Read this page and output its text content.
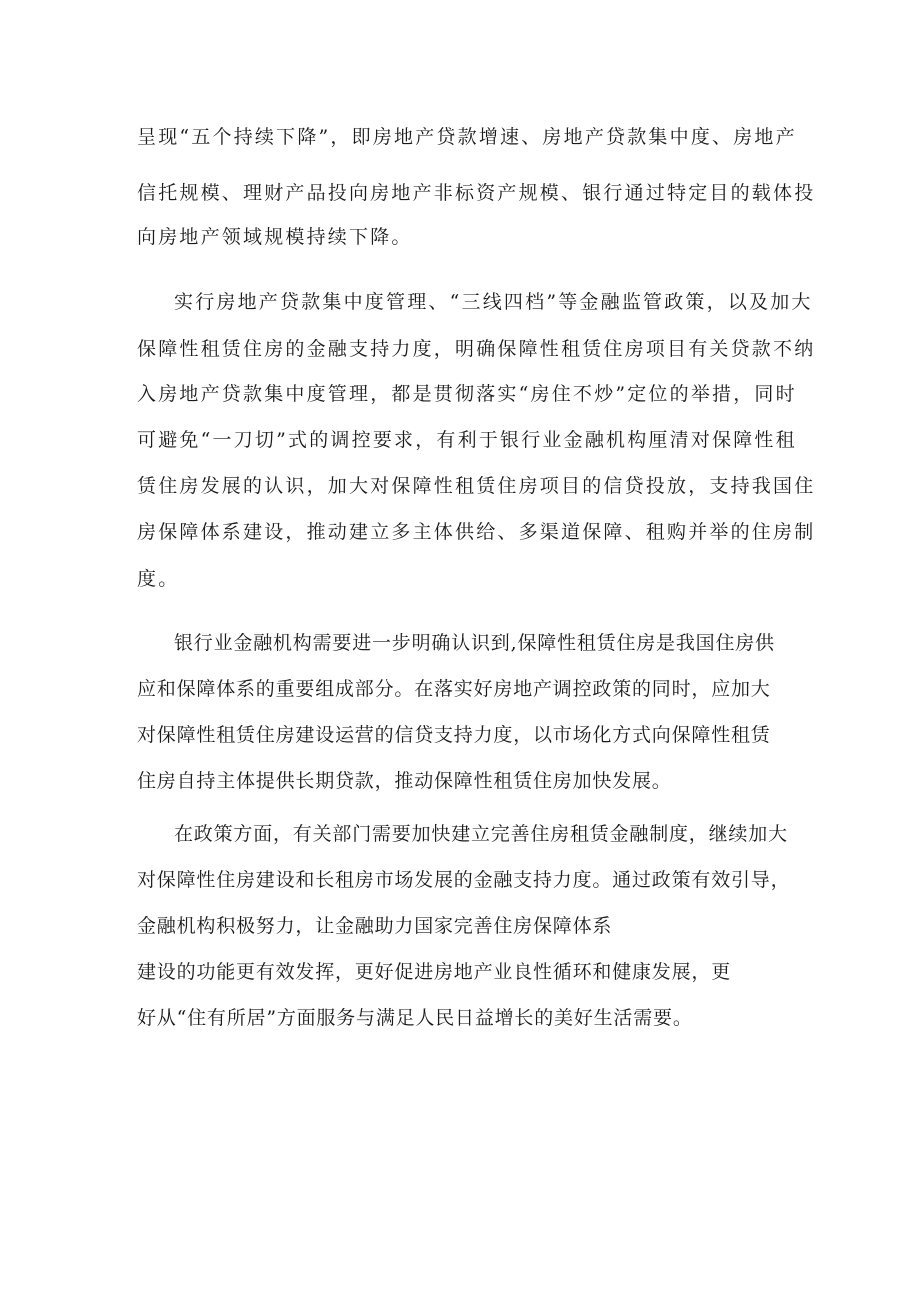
呈现“五个持续下降”，即房地产贷款增速、房地产贷款集中度、房地产
信托规模、理财产品投向房地产非标资产规模、银行通过特定目的载体投
向房地产领域规模持续下降。
实行房地产贷款集中度管理、“三线四档”等金融监管政策，以及加大
保障性租赁住房的金融支持力度，明确保障性租赁住房项目有关贷款不纳
入房地产贷款集中度管理，都是贯彻落实“房住不炒”定位的举措，同时
可避免“一刀切”式的调控要求，有利于银行业金融机构厘清对保障性租
赁住房发展的认识，加大对保障性租赁住房项目的信贷投放，支持我国住
房保障体系建设，推动建立多主体供给、多渠道保障、租购并举的住房制
度。
银行业金融机构需要进一步明确认识到,保障性租赁住房是我国住房供
应和保障体系的重要组成部分。在落实好房地产调控政策的同时，应加大
对保障性租赁住房建设运营的信贷支持力度，以市场化方式向保障性租赁
住房自持主体提供长期贷款，推动保障性租赁住房加快发展。
在政策方面，有关部门需要加快建立完善住房租赁金融制度，继续加大
对保障性住房建设和长租房市场发展的金融支持力度。通过政策有效引导，
金融机构积极努力，让金融助力国家完善住房保障体系
建设的功能更有效发挥，更好促进房地产业良性循环和健康发展，更
好从“住有所居”方面服务与满足人民日益增长的美好生活需要。
